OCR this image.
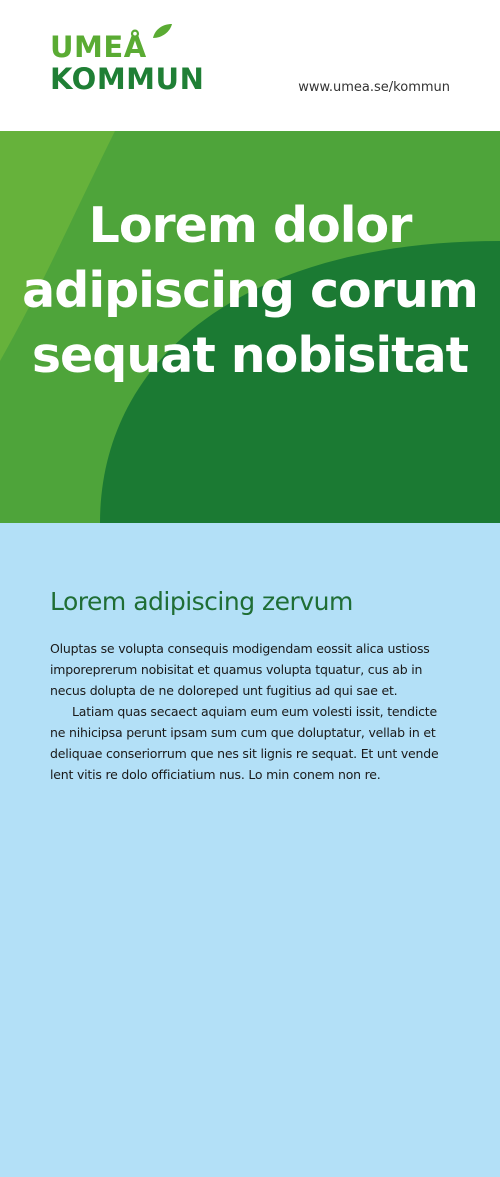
UMEÅ
KOMMUN	www.umea.se/kommun
Lorem dolor adipiscing corum sequat nobisitat
Lorem adipiscing zervum

Oluptas se volupta consequis modigendam eossit alica ustioss imporeprerum nobisitat et quamus volupta tquatur, cus ab in necus dolupta de ne doloreped unt fugitius ad qui sae et.

Latiam quas secaect aquiam eum eum volesti issit, tendicte ne nihicipsa perunt ipsam sum cum que doluptatur, vellab in et deliquae conseriorrum que nes sit lignis re sequat. Et unt vende lent vitis re dolo officiatium nus. Lo min conem non re.
